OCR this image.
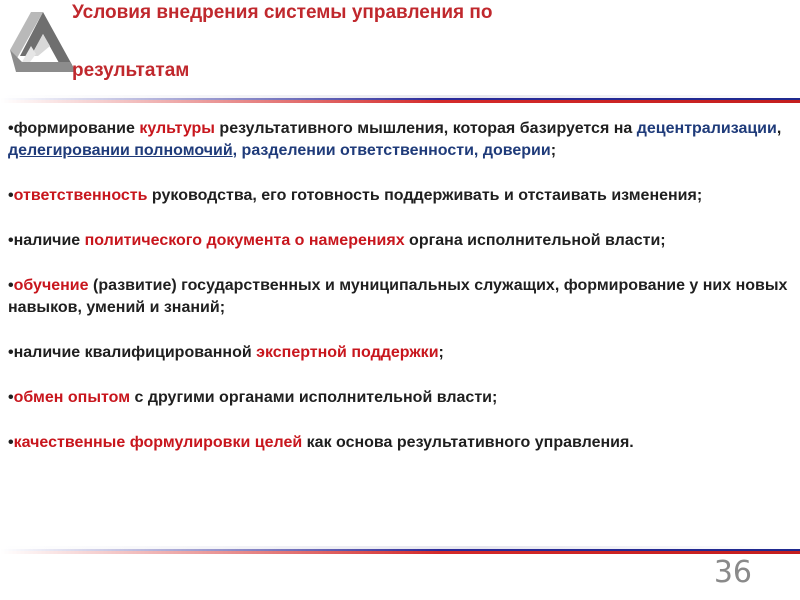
Условия внедрения системы управления по
результатам
•формирование культуры результативного мышления, которая базируется на децентрализации, делегировании полномочий, разделении ответственности, доверии;
•ответственность руководства, его готовность поддерживать и отстаивать изменения;
•наличие политического документа о намерениях органа исполнительной власти;
•обучение (развитие) государственных и муниципальных служащих, формирование у них новых навыков, умений и знаний;
•наличие квалифицированной экспертной поддержки;
•обмен опытом с другими органами исполнительной власти;
•качественные формулировки целей как основа результативного управления.
36
